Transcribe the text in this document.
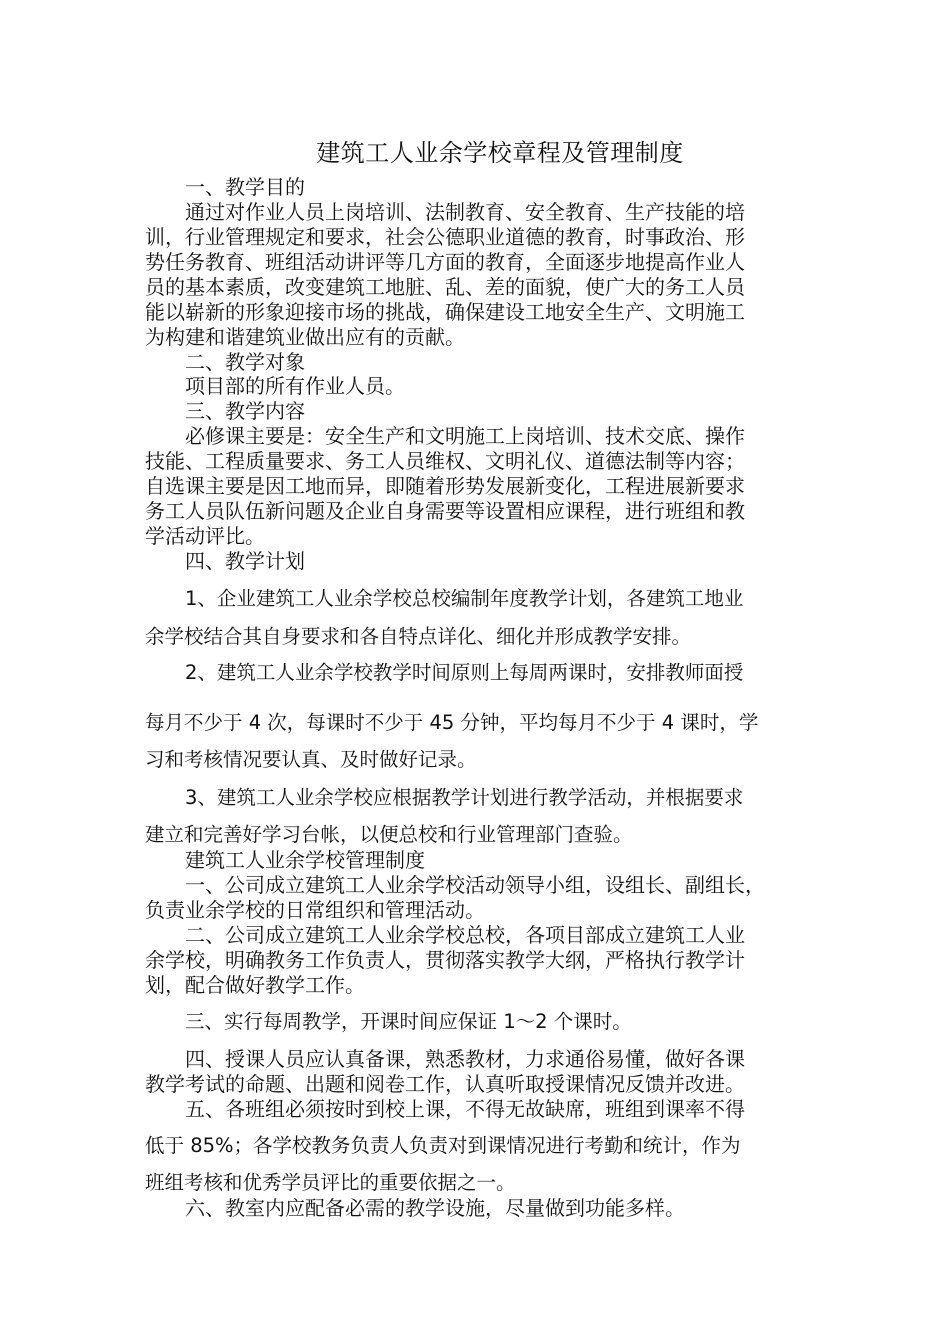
建筑工人业余学校章程及管理制度
一、教学目的
通过对作业人员上岗培训、法制教育、安全教育、生产技能的培
训，行业管理规定和要求，社会公德职业道德的教育，时事政治、形
势任务教育、班组活动讲评等几方面的教育，全面逐步地提高作业人
员的基本素质，改变建筑工地脏、乱、差的面貌，使广大的务工人员
能以崭新的形象迎接市场的挑战，确保建设工地安全生产、文明施工
为构建和谐建筑业做出应有的贡献。
二、教学对象
项目部的所有作业人员。
三、教学内容
必修课主要是：安全生产和文明施工上岗培训、技术交底、操作
技能、工程质量要求、务工人员维权、文明礼仪、道德法制等内容；
自选课主要是因工地而异，即随着形势发展新变化，工程进展新要求
务工人员队伍新问题及企业自身需要等设置相应课程，进行班组和教
学活动评比。
四、教学计划
1、企业建筑工人业余学校总校编制年度教学计划，各建筑工地业
余学校结合其自身要求和各自特点详化、细化并形成教学安排。
2、建筑工人业余学校教学时间原则上每周两课时，安排教师面授
每月不少于 4 次，每课时不少于 45 分钟，平均每月不少于 4 课时，学
习和考核情况要认真、及时做好记录。
3、建筑工人业余学校应根据教学计划进行教学活动，并根据要求
建立和完善好学习台帐，以便总校和行业管理部门查验。
建筑工人业余学校管理制度
一、公司成立建筑工人业余学校活动领导小组，设组长、副组长，
负责业余学校的日常组织和管理活动。
二、公司成立建筑工人业余学校总校，各项目部成立建筑工人业
余学校，明确教务工作负责人，贯彻落实教学大纲，严格执行教学计
划，配合做好教学工作。
三、实行每周教学，开课时间应保证 1～2 个课时。
四、授课人员应认真备课，熟悉教材，力求通俗易懂，做好各课
教学考试的命题、出题和阅卷工作，认真听取授课情况反馈并改进。
五、各班组必须按时到校上课，不得无故缺席，班组到课率不得
低于 85%；各学校教务负责人负责对到课情况进行考勤和统计，作为
班组考核和优秀学员评比的重要依据之一。
六、教室内应配备必需的教学设施，尽量做到功能多样。
